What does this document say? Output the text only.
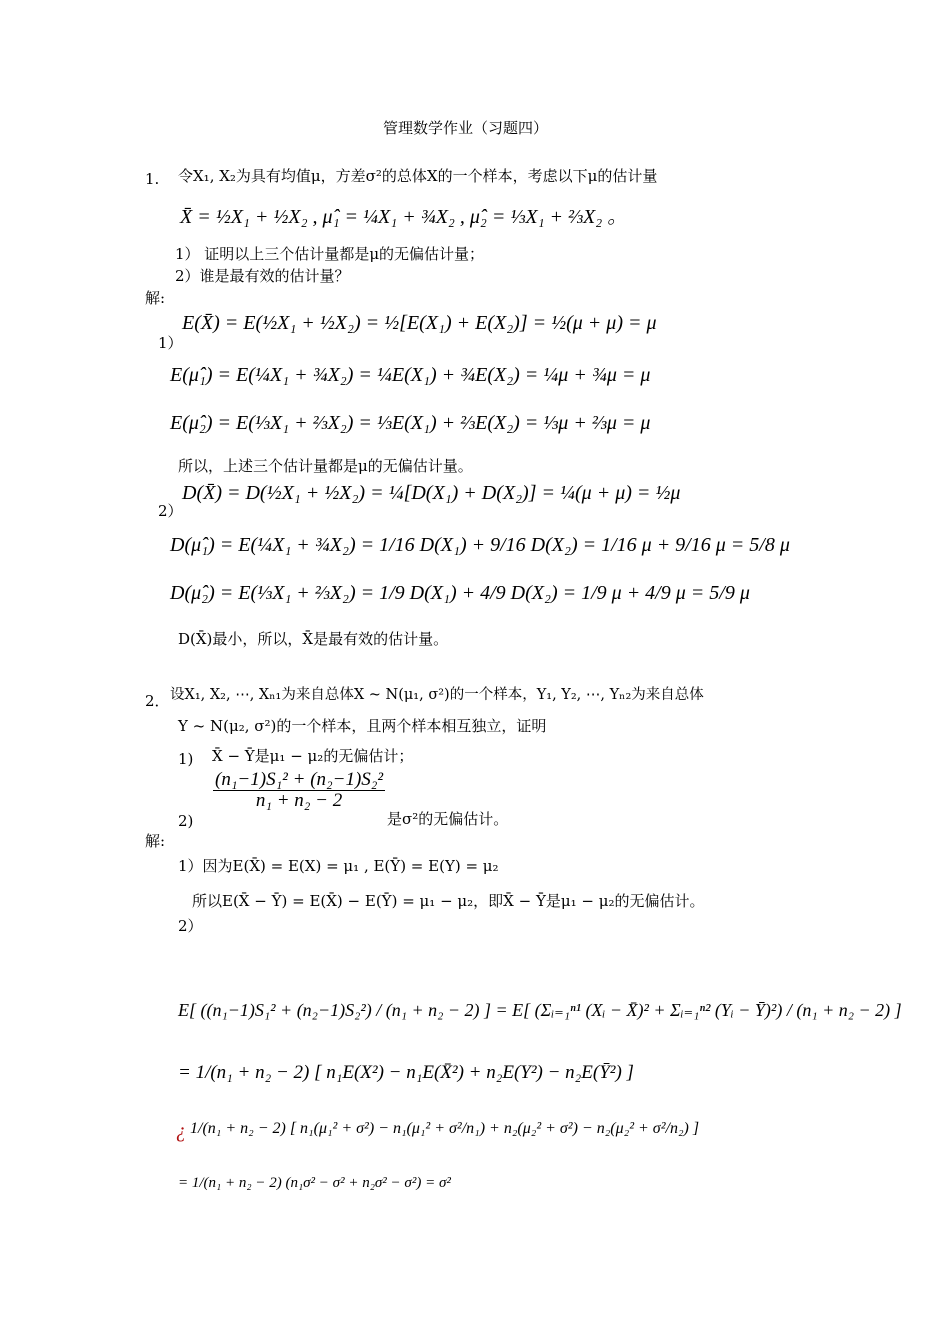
管理数学作业（习题四）
1. 令X₁, X₂为具有均值μ，方差σ²的总体X的一个样本，考虑以下μ的估计量
X̄ = ½X₁ + ½X₂ , μ̂₁ = ¼X₁ + ¾X₂ , μ̂₂ = ⅓X₁ + ⅔X₂ 。
1） 证明以上三个估计量都是μ的无偏估计量；
2）谁是最有效的估计量？
解:
1）
E(X̄) = E(½X₁ + ½X₂) = ½[E(X₁) + E(X₂)] = ½(μ + μ) = μ
E(μ̂₁) = E(¼X₁ + ¾X₂) = ¼E(X₁) + ¾E(X₂) = ¼μ + ¾μ = μ
E(μ̂₂) = E(⅓X₁ + ⅔X₂) = ⅓E(X₁) + ⅔E(X₂) = ⅓μ + ⅔μ = μ
所以，上述三个估计量都是μ的无偏估计量。
2）
D(X̄) = D(½X₁ + ½X₂) = ¼[D(X₁) + D(X₂)] = ¼(μ + μ) = ½μ
D(μ̂₁) = E(¼X₁ + ¾X₂) = 1/16 D(X₁) + 9/16 D(X₂) = 1/16 μ + 9/16 μ = 5/8 μ
D(μ̂₂) = E(⅓X₁ + ⅔X₂) = 1/9 D(X₁) + 4/9 D(X₂) = 1/9 μ + 4/9 μ = 5/9 μ
D(X̄)最小，所以，X̄是最有效的估计量。
2． 设X₁, X₂, ⋯, Xₙ₁为来自总体X ~ N(μ₁, σ²)的一个样本，Y₁, Y₂, ⋯, Yₙ₂为来自总体
Y ~ N(μ₂, σ²)的一个样本，且两个样本相互独立，证明
1) X̄ − Ȳ是μ₁ − μ₂的无偏估计；
2)
$\frac{\text{(n₁−1)S₁² + (n₂−1)S₂²}}{\text{n₁ + n₂ − 2}}$
是σ²的无偏估计。
解:
1）因为E(X̄) = E(X) = μ₁ , E(Ȳ) = E(Y) = μ₂
所以E(X̄ − Ȳ) = E(X̄) − E(Ȳ) = μ₁ − μ₂，即X̄ − Ȳ是μ₁ − μ₂的无偏估计。
2）
E[ ((n₁−1)S₁² + (n₂−1)S₂²) / (n₁ + n₂ − 2) ] = E[ (Σᵢ₌₁ⁿ¹ (Xᵢ − X̄)² + Σᵢ₌₁ⁿ² (Yᵢ − Ȳ)²) / (n₁ + n₂ − 2) ]
= 1/(n₁ + n₂ − 2) [ n₁E(X²) − n₁E(X̄²) + n₂E(Y²) − n₂E(Ȳ²) ]
¿ 1/(n₁ + n₂ − 2) [ n₁(μ₁² + σ²) − n₁(μ₁² + σ²/n₁) + n₂(μ₂² + σ²) − n₂(μ₂² + σ²/n₂) ]
= 1/(n₁ + n₂ − 2) (n₁σ² − σ² + n₂σ² − σ²) = σ²
